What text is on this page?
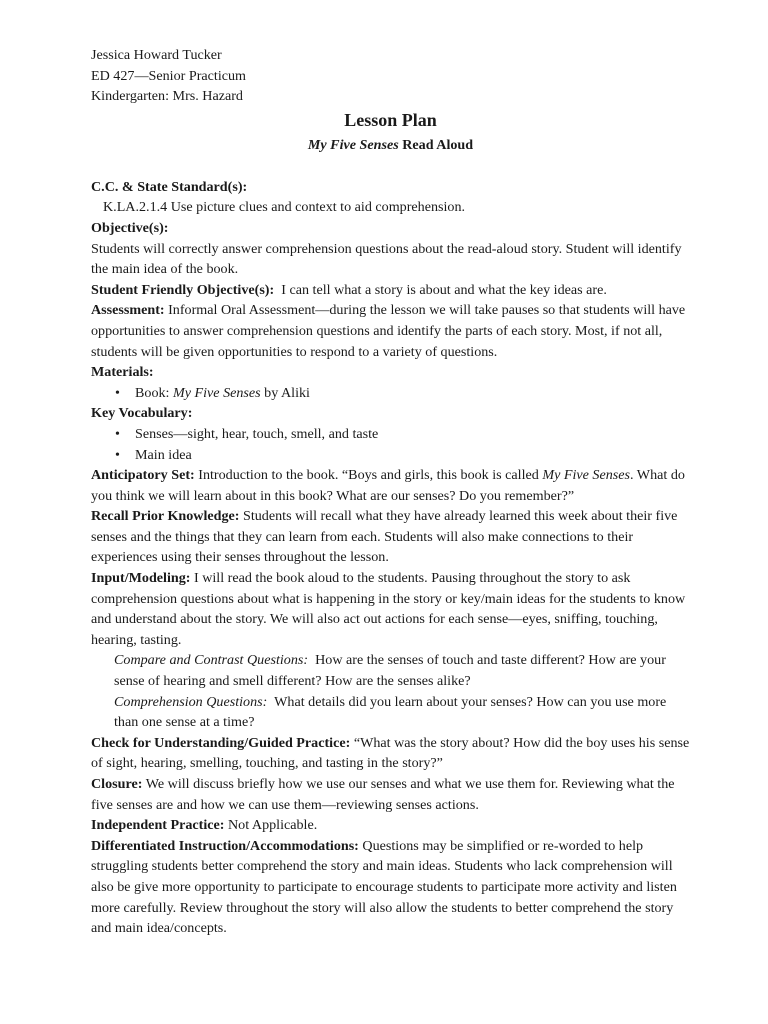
Jessica Howard Tucker
ED 427—Senior Practicum
Kindergarten: Mrs. Hazard
Lesson Plan
My Five Senses Read Aloud
C.C. & State Standard(s):
K.LA.2.1.4 Use picture clues and context to aid comprehension.
Objective(s):

Students will correctly answer comprehension questions about the read-aloud story. Student will identify the main idea of the book.

Student Friendly Objective(s):  I can tell what a story is about and what the key ideas are.

Assessment: Informal Oral Assessment—during the lesson we will take pauses so that students will have opportunities to answer comprehension questions and identify the parts of each story. Most, if not all, students will be given opportunities to respond to a variety of questions.

Materials:
• Book: My Five Senses by Aliki
Key Vocabulary:
• Senses—sight, hear, touch, smell, and taste
• Main idea

Anticipatory Set: Introduction to the book. “Boys and girls, this book is called My Five Senses. What do you think we will learn about in this book? What are our senses? Do you remember?”

Recall Prior Knowledge: Students will recall what they have already learned this week about their five senses and the things that they can learn from each. Students will also make connections to their experiences using their senses throughout the lesson.

Input/Modeling: I will read the book aloud to the students. Pausing throughout the story to ask comprehension questions about what is happening in the story or key/main ideas for the students to know and understand about the story. We will also act out actions for each sense—eyes, sniffing, touching, hearing, tasting.

Compare and Contrast Questions:  How are the senses of touch and taste different? How are your sense of hearing and smell different? How are the senses alike?

Comprehension Questions:  What details did you learn about your senses? How can you use more than one sense at a time?

Check for Understanding/Guided Practice: “What was the story about? How did the boy uses his sense of sight, hearing, smelling, touching, and tasting in the story?”

Closure: We will discuss briefly how we use our senses and what we use them for. Reviewing what the five senses are and how we can use them—reviewing senses actions.

Independent Practice: Not Applicable.

Differentiated Instruction/Accommodations: Questions may be simplified or re-worded to help struggling students better comprehend the story and main ideas. Students who lack comprehension will also be give more opportunity to participate to encourage students to participate more activity and listen more carefully. Review throughout the story will also allow the students to better comprehend the story and main idea/concepts.
